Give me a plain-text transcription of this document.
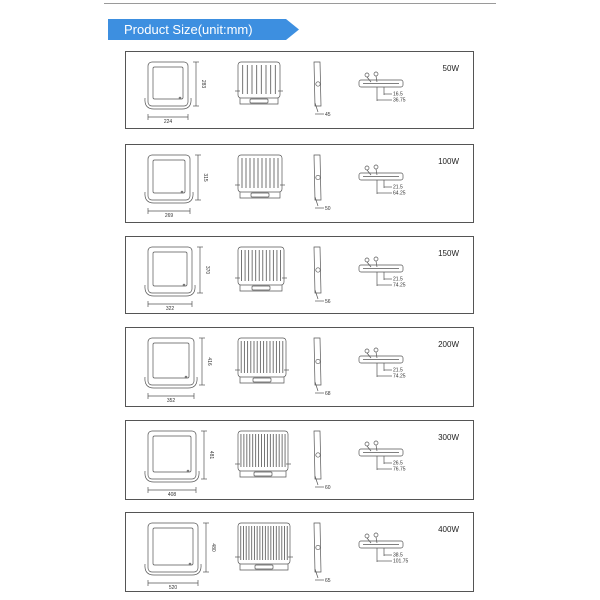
Product Size(unit:mm)
50W
224
283
45
16.5
36.75
100W
269
315
50
21.5
64.25
150W
322
370
56
21.5
74.25
200W
352
416
68
21.5
74.25
300W
408
481
60
26.5
76.75
400W
520
480
65
38.5
101.75
